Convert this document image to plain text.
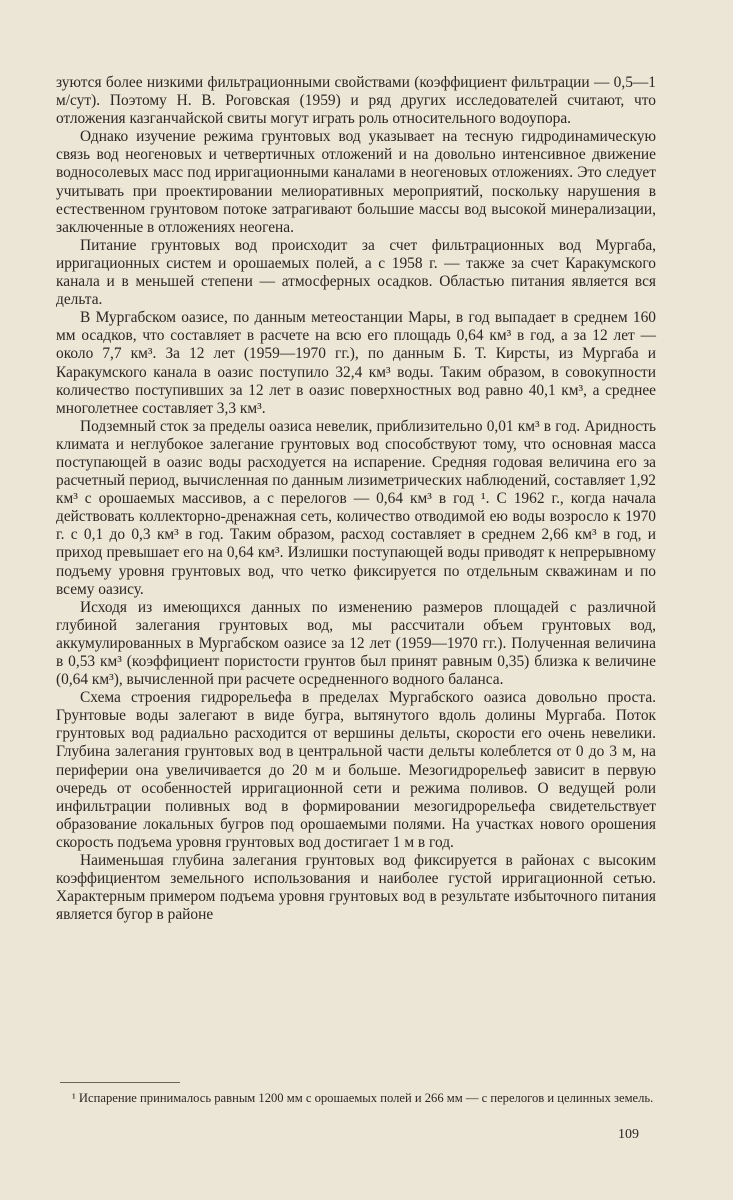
зуются более низкими фильтрационными свойствами (коэффициент фильтрации — 0,5—1 м/сут). Поэтому Н. В. Роговская (1959) и ряд других исследователей считают, что отложения казганчайской свиты могут играть роль относительного водоупора.

Однако изучение режима грунтовых вод указывает на тесную гидродинамическую связь вод неогеновых и четвертичных отложений и на довольно интенсивное движение водносолевых масс под ирригационными каналами в неогеновых отложениях. Это следует учитывать при проектировании мелиоративных мероприятий, поскольку нарушения в естественном грунтовом потоке затрагивают большие массы вод высокой минерализации, заключенные в отложениях неогена.

Питание грунтовых вод происходит за счет фильтрационных вод Мургаба, ирригационных систем и орошаемых полей, а с 1958 г. — также за счет Каракумского канала и в меньшей степени — атмосферных осадков. Областью питания является вся дельта.

В Мургабском оазисе, по данным метеостанции Мары, в год выпадает в среднем 160 мм осадков, что составляет в расчете на всю его площадь 0,64 км³ в год, а за 12 лет — около 7,7 км³. За 12 лет (1959—1970 гг.), по данным Б. Т. Кирсты, из Мургаба и Каракумского канала в оазис поступило 32,4 км³ воды. Таким образом, в совокупности количество поступивших за 12 лет в оазис поверхностных вод равно 40,1 км³, а среднее многолетнее составляет 3,3 км³.

Подземный сток за пределы оазиса невелик, приблизительно 0,01 км³ в год. Аридность климата и неглубокое залегание грунтовых вод способствуют тому, что основная масса поступающей в оазис воды расходуется на испарение. Средняя годовая величина его за расчетный период, вычисленная по данным лизиметрических наблюдений, составляет 1,92 км³ с орошаемых массивов, а с перелогов — 0,64 км³ в год ¹. С 1962 г., когда начала действовать коллекторно-дренажная сеть, количество отводимой ею воды возросло к 1970 г. с 0,1 до 0,3 км³ в год. Таким образом, расход составляет в среднем 2,66 км³ в год, и приход превышает его на 0,64 км³. Излишки поступающей воды приводят к непрерывному подъему уровня грунтовых вод, что четко фиксируется по отдельным скважинам и по всему оазису.

Исходя из имеющихся данных по изменению размеров площадей с различной глубиной залегания грунтовых вод, мы рассчитали объем грунтовых вод, аккумулированных в Мургабском оазисе за 12 лет (1959—1970 гг.). Полученная величина в 0,53 км³ (коэффициент пористости грунтов был принят равным 0,35) близка к величине (0,64 км³), вычисленной при расчете осредненного водного баланса.

Схема строения гидрорельефа в пределах Мургабского оазиса довольно проста. Грунтовые воды залегают в виде бугра, вытянутого вдоль долины Мургаба. Поток грунтовых вод радиально расходится от вершины дельты, скорости его очень невелики. Глубина залегания грунтовых вод в центральной части дельты колеблется от 0 до 3 м, на периферии она увеличивается до 20 м и больше. Мезогидрорельеф зависит в первую очередь от особенностей ирригационной сети и режима поливов. О ведущей роли инфильтрации поливных вод в формировании мезогидрорельефа свидетельствует образование локальных бугров под орошаемыми полями. На участках нового орошения скорость подъема уровня грунтовых вод достигает 1 м в год.

Наименьшая глубина залегания грунтовых вод фиксируется в районах с высоким коэффициентом земельного использования и наиболее густой ирригационной сетью. Характерным примером подъема уровня грунтовых вод в результате избыточного питания является бугор в районе

¹ Испарение принималось равным 1200 мм с орошаемых полей и 266 мм — с перелогов и целинных земель.
109
